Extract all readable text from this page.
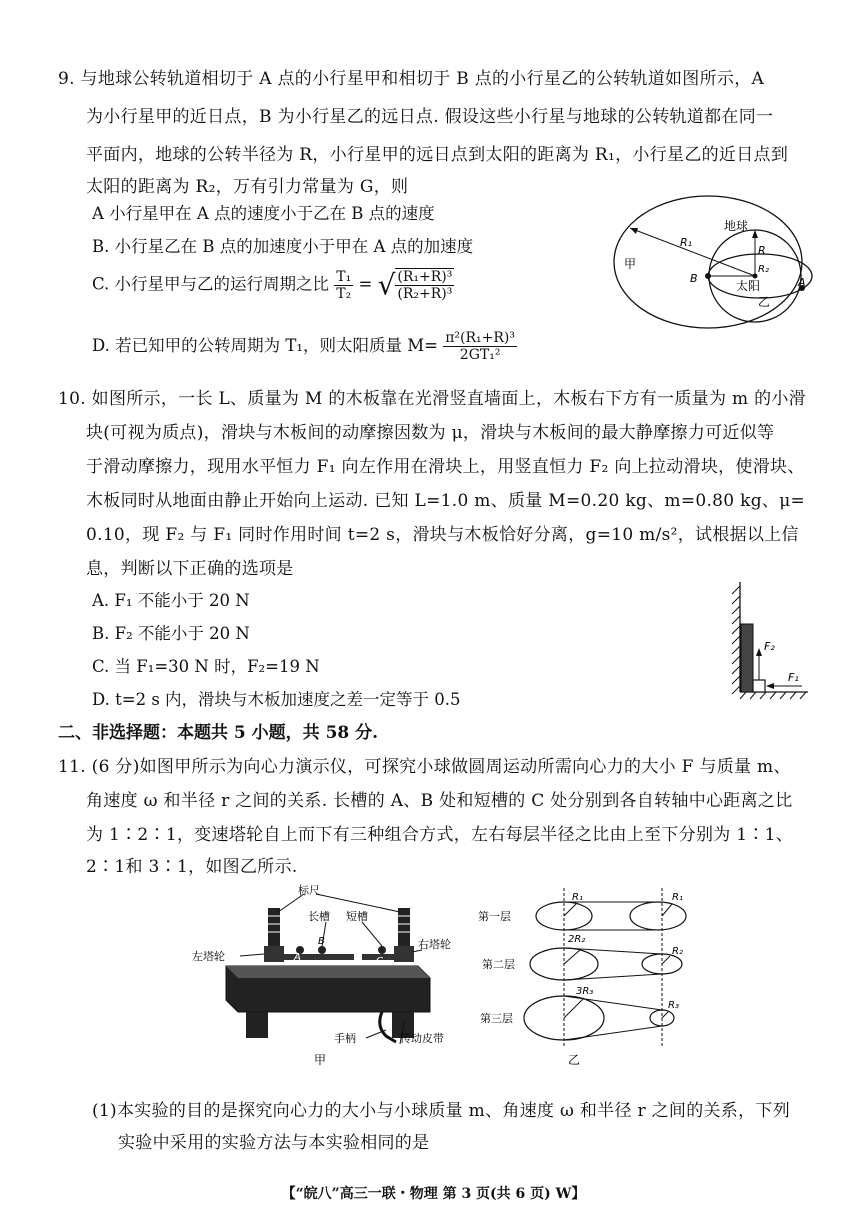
9. 与地球公转轨道相切于 A 点的小行星甲和相切于 B 点的小行星乙的公转轨道如图所示，A
为小行星甲的近日点，B 为小行星乙的远日点. 假设这些小行星与地球的公转轨道都在同一
平面内，地球的公转半径为 R，小行星甲的远日点到太阳的距离为 R₁，小行星乙的近日点到
太阳的距离为 R₂，万有引力常量为 G，则
A 小行星甲在 A 点的速度小于乙在 B 点的速度
B. 小行星乙在 B 点的加速度小于甲在 A 点的加速度
C. 小行星甲与乙的运行周期之比 $\frac{\text{T₁}}{\text{T₂}}$ = √ $\frac{\text{(R₁+R)³}}{\text{(R₂+R)³}}$
D. 若已知甲的公转周期为 T₁，则太阳质量 $M= \frac{\text{π²(R₁+R)³}}{\text{2GT₁²}}$
地球
R₁
R
R₂
甲
B
太阳
乙
A
10. 如图所示，一长 L、质量为 M 的木板靠在光滑竖直墙面上，木板右下方有一质量为 m 的小滑
块(可视为质点)，滑块与木板间的动摩擦因数为 μ，滑块与木板间的最大静摩擦力可近似等
于滑动摩擦力，现用水平恒力 F₁ 向左作用在滑块上，用竖直恒力 F₂ 向上拉动滑块，使滑块、
木板同时从地面由静止开始向上运动. 已知 L=1.0 m、质量 M=0.20 kg、m=0.80 kg、μ=
0.10，现 F₂ 与 F₁ 同时作用时间 t=2 s，滑块与木板恰好分离，g=10 m/s²，试根据以上信
息，判断以下正确的选项是
A. F₁ 不能小于 20 N
B. F₂ 不能小于 20 N
C. 当 F₁=30 N 时，F₂=19 N
D. t=2 s 内，滑块与木板加速度之差一定等于 0.5
F₂
F₁
二、非选择题：本题共 5 小题，共 58 分.
11. (6 分)如图甲所示为向心力演示仪，可探究小球做圆周运动所需向心力的大小 F 与质量 m、
角速度 ω 和半径 r 之间的关系. 长槽的 A、B 处和短槽的 C 处分别到各自转轴中心距离之比
为 1∶2∶1，变速塔轮自上而下有三种组合方式，左右每层半径之比由上至下分别为 1∶1、
2∶1和 3∶1，如图乙所示.
标尺
长槽 短槽
左塔轮
右塔轮
手柄	传动皮带
A
B
C
甲
第一层
第二层
第三层
R₁	R₁
2R₂
R₂
3R₃
R₃
乙
(1)本实验的目的是探究向心力的大小与小球质量 m、角速度 ω 和半径 r 之间的关系，下列
实验中采用的实验方法与本实验相同的是
【“皖八”高三一联・物理 第 3 页(共 6 页) W】
